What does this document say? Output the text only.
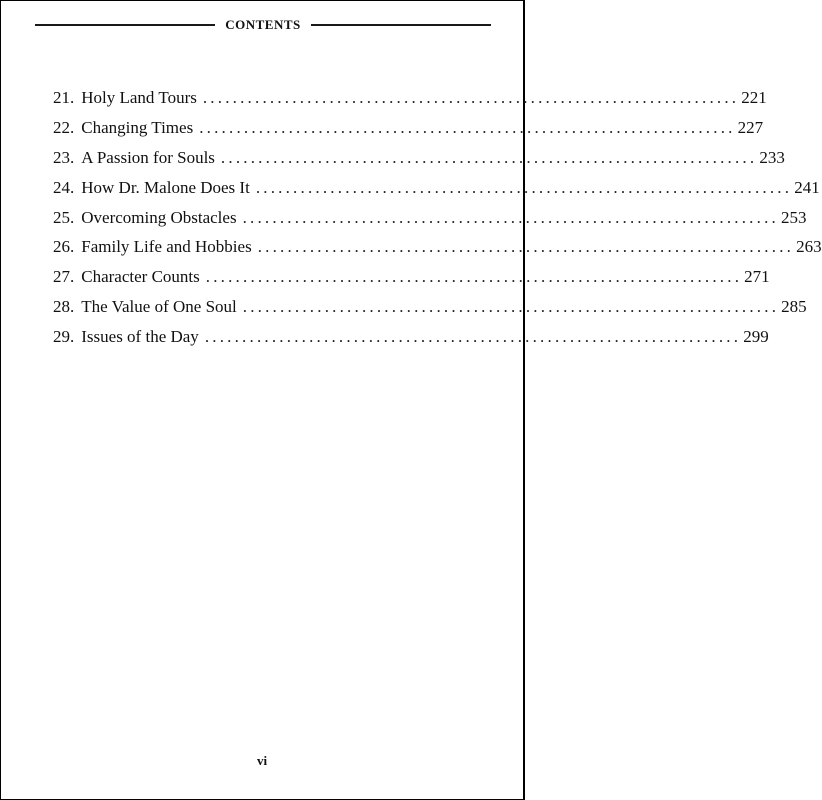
CONTENTS
21. Holy Land Tours ........................................................................ 221
22. Changing Times ........................................................................ 227
23. A Passion for Souls ........................................................................ 233
24. How Dr. Malone Does It ........................................................................ 241
25. Overcoming Obstacles ........................................................................ 253
26. Family Life and Hobbies ........................................................................ 263
27. Character Counts ........................................................................ 271
28. The Value of One Soul ........................................................................ 285
29. Issues of the Day ........................................................................ 299
vi
